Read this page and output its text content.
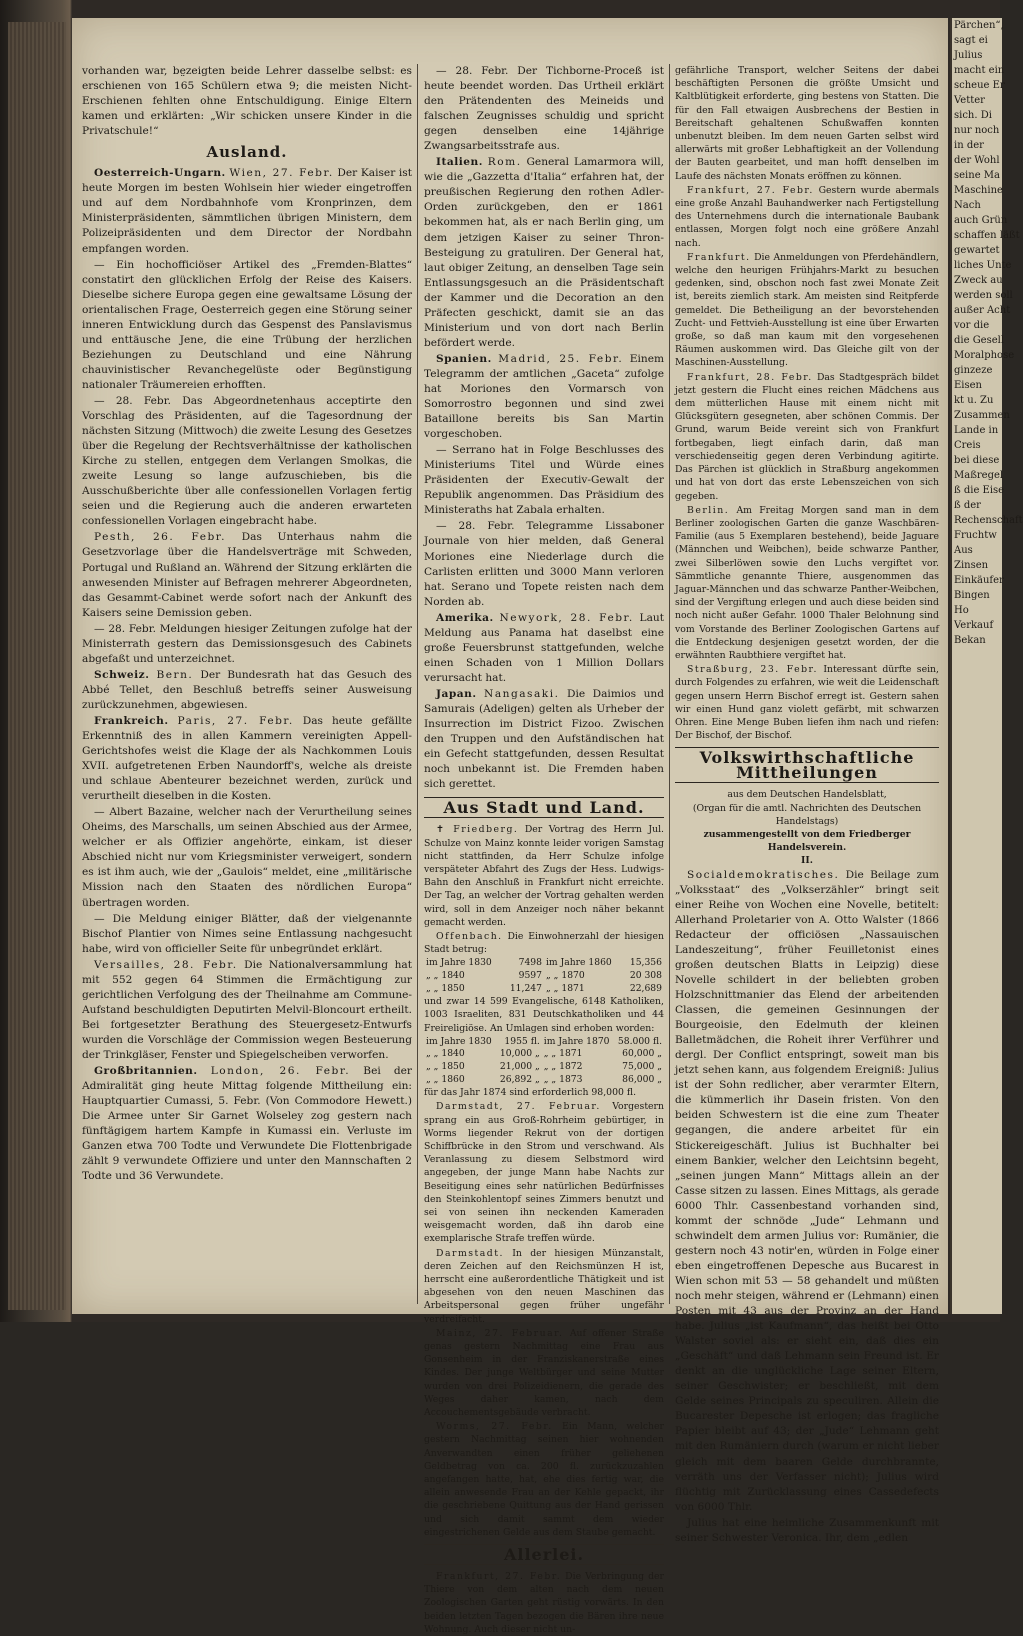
vorhanden war, be̤zeigten beide Lehrer dasselbe selbst: es erschienen von 165 Schülern etwa 9; die meisten Nicht-Erschienen fehlten ohne Entschuldigung. Einige Eltern kamen und erklärten: „Wir schicken unsere Kinder in die Privatschule!“

Ausland.

Oesterreich-Ungarn. Wien, 27. Febr. Der Kaiser ist heute Morgen im besten Wohlsein hier wieder eingetroffen und auf dem Nordbahnhofe vom Kronprinzen, dem Ministerpräsidenten, sämmtlichen übrigen Ministern, dem Polizeipräsidenten und dem Director der Nordbahn empfangen worden.

— Ein hochofficiöser Artikel des „Fremden-Blattes“ constatirt den glücklichen Erfolg der Reise des Kaisers. Dieselbe sichere Europa gegen eine gewaltsame Lösung der orientalischen Frage, Oesterreich gegen eine Störung seiner inneren Entwicklung durch das Gespenst des Panslavismus und enttäusche Jene, die eine Trübung der herzlichen Beziehungen zu Deutschland und eine Nährung chauvinistischer Revanchegelüste oder Begünstigung nationaler Träumereien erhofften.

— 28. Febr. Das Abgeordnetenhaus acceptirte den Vorschlag des Präsidenten, auf die Tagesordnung der nächsten Sitzung (Mittwoch) die zweite Lesung des Gesetzes über die Regelung der Rechtsverhältnisse der katholischen Kirche zu stellen, entgegen dem Verlangen Smolkas, die zweite Lesung so lange aufzuschieben, bis die Ausschußberichte über alle confessionellen Vorlagen fertig seien und die Regierung auch die anderen erwarteten confessionellen Vorlagen eingebracht habe.

Pesth, 26. Febr. Das Unterhaus nahm die Gesetzvorlage über die Handelsverträge mit Schweden, Portugal und Rußland an. Während der Sitzung erklärten die anwesenden Minister auf Befragen mehrerer Abgeordneten, das Gesammt-Cabinet werde sofort nach der Ankunft des Kaisers seine Demission geben.

— 28. Febr. Meldungen hiesiger Zeitungen zufolge hat der Ministerrath gestern das Demissionsgesuch des Cabinets abgefaßt und unterzeichnet.

Schweiz. Bern. Der Bundesrath hat das Gesuch des Abbé Tellet, den Beschluß betreffs seiner Ausweisung zurückzunehmen, abgewiesen.

Frankreich. Paris, 27. Febr. Das heute gefällte Erkenntniß des in allen Kammern vereinigten Appell-Gerichtshofes weist die Klage der als Nachkommen Louis XVII. aufgetretenen Erben Naundorff's, welche als dreiste und schlaue Abenteurer bezeichnet werden, zurück und verurtheilt dieselben in die Kosten.

— Albert Bazaine, welcher nach der Verurtheilung seines Oheims, des Marschalls, um seinen Abschied aus der Armee, welcher er als Offizier angehörte, einkam, ist dieser Abschied nicht nur vom Kriegsminister verweigert, sondern es ist ihm auch, wie der „Gaulois“ meldet, eine „militärische Mission nach den Staaten des nördlichen Europa“ übertragen worden.

— Die Meldung einiger Blätter, daß der vielgenannte Bischof Plantier von Nimes seine Entlassung nachgesucht habe, wird von officieller Seite für unbegründet erklärt.

Versailles, 28. Febr. Die Nationalversammlung hat mit 552 gegen 64 Stimmen die Ermächtigung zur gerichtlichen Verfolgung des der Theilnahme am Commune-Aufstand beschuldigten Deputirten Melvil-Bloncourt ertheilt. Bei fortgesetzter Berathung des Steuergesetz-Entwurfs wurden die Vorschläge der Commission wegen Besteuerung der Trinkgläser, Fenster und Spiegelscheiben verworfen.

Großbritannien. London, 26. Febr. Bei der Admiralität ging heute Mittag folgende Mittheilung ein: Hauptquartier Cumassi, 5. Febr. (Von Commodore Hewett.) Die Armee unter Sir Garnet Wolseley zog gestern nach fünftägigem hartem Kampfe in Kumassi ein. Verluste im Ganzen etwa 700 Todte und Verwundete Die Flottenbrigade zählt 9 verwundete Offiziere und unter den Mannschaften 2 Todte und 36 Verwundete.

— 28. Febr. Der Tichborne-Proceß ist heute beendet worden. Das Urtheil erklärt den Prätendenten des Meineids und falschen Zeugnisses schuldig und spricht gegen denselben eine 14jährige Zwangsarbeitsstrafe aus.

Italien. Rom. General Lamarmora will, wie die „Gazzetta d'Italia“ erfahren hat, der preußischen Regierung den rothen Adler-Orden zurückgeben, den er 1861 bekommen hat, als er nach Berlin ging, um dem jetzigen Kaiser zu seiner Thron-Besteigung zu gratuliren. Der General hat, laut obiger Zeitung, an denselben Tage sein Entlassungsgesuch an die Präsidentschaft der Kammer und die Decoration an den Präfecten geschickt, damit sie an das Ministerium und von dort nach Berlin befördert werde.

Spanien. Madrid, 25. Febr. Einem Telegramm der amtlichen „Gaceta“ zufolge hat Moriones den Vormarsch von Somorrostro begonnen und sind zwei Bataillone bereits bis San Martin vorgeschoben.

— Serrano hat in Folge Beschlusses des Ministeriums Titel und Würde eines Präsidenten der Executiv-Gewalt der Republik angenommen. Das Präsidium des Ministeraths hat Zabala erhalten.

— 28. Febr. Telegramme Lissaboner Journale von hier melden, daß General Moriones eine Niederlage durch die Carlisten erlitten und 3000 Mann verloren hat. Serano und Topete reisten nach dem Norden ab.

Amerika. Newyork, 28. Febr. Laut Meldung aus Panama hat daselbst eine große Feuersbrunst stattgefunden, welche einen Schaden von 1 Million Dollars verursacht hat.

Japan. Nangasaki. Die Daimios und Samurais (Adeligen) gelten als Urheber der Insurrection im District Fizoo. Zwischen den Truppen und den Aufständischen hat ein Gefecht stattgefunden, dessen Resultat noch unbekannt ist. Die Fremden haben sich gerettet.

Aus Stadt und Land.

✝ Friedberg. Der Vortrag des Herrn Jul. Schulze von Mainz konnte leider vorigen Samstag nicht stattfinden, da Herr Schulze infolge verspäteter Abfahrt des Zugs der Hess. Ludwigs-Bahn den Anschluß in Frankfurt nicht erreichte. Der Tag, an welcher der Vortrag gehalten werden wird, soll in dem Anzeiger noch näher bekannt gemacht werden.

Offenbach. Die Einwohnerzahl der hiesigen Stadt betrug:

im Jahre 1830	7498	im Jahre 1860	15,356
„ „ 1840	9597	„ „ 1870	20 308
„ „ 1850	11,247	„ „ 1871	22,689

und zwar 14 599 Evangelische, 6148 Katholiken, 1003 Israeliten, 831 Deutschkatholiken und 44 Freireligiöse. An Umlagen sind erhoben worden:

im Jahre 1830	1955 fl.	im Jahre 1870	58.000 fl.
„ „ 1840	10,000 „	„ „ 1871	60,000 „
„ „ 1850	21,000 „	„ „ 1872	75,000 „
„ „ 1860	26,892 „	„ „ 1873	86,000 „

für das Jahr 1874 sind erforderlich 98,000 fl.

Darmstadt, 27. Februar. Vorgestern sprang ein aus Groß-Rohrheim gebürtiger, in Worms liegender Rekrut von der dortigen Schiffbrücke in den Strom und verschwand. Als Veranlassung zu diesem Selbstmord wird angegeben, der junge Mann habe Nachts zur Beseitigung eines sehr natürlichen Bedürfnisses den Steinkohlentopf seines Zimmers benutzt und sei von seinen ihn neckenden Kameraden weisgemacht worden, daß ihn darob eine exemplarische Strafe treffen würde.

Darmstadt. In der hiesigen Münzanstalt, deren Zeichen auf den Reichsmünzen H ist, herrscht eine außerordentliche Thätigkeit und ist abgesehen von den neuen Maschinen das Arbeitspersonal gegen früher ungefähr verdreifacht.

Mainz, 27. Februar. Auf offener Straße genas gestern Nachmittag eine Frau aus Gonsenheim in der Franziskanerstraße eines Kindes. Der junge Weltbürger und seine Mutter wurden von drei Polizeidienern, die gerade des Weges daher kamen, nach dem Accouchementsgebäude verbracht.

Worms, 27. Febr. Ein Mann, welcher gestern Nachmittag seinen hier wohnenden Anverwandten einen früher geliehenen Geldbetrag von ca. 200 fl. zurückzuzahlen angefangen hatte, hat, ehe dies fertig war, die allein anwesende Frau an der Kehle gepackt, ihr die geschriebene Quittung aus der Hand gerissen und sich damit sammt dem wieder eingestrichenen Gelde aus dem Staube gemacht.

Allerlei.

Frankfurt, 27. Febr. Die Verbringung der Thiere von dem alten nach dem neuen Zoologischen Garten geht rüstig vorwärts. In den beiden letzten Tagen bezogen die Bären ihre neue Wohnung. Auch dieser nicht un-

gefährliche Transport, welcher Seitens der dabei beschäftigten Personen die größte Umsicht und Kaltblütigkeit erforderte, ging bestens von Statten. Die für den Fall etwaigen Ausbrechens der Bestien in Bereitschaft gehaltenen Schußwaffen konnten unbenutzt bleiben. Im dem neuen Garten selbst wird allerwärts mit großer Lebhaftigkeit an der Vollendung der Bauten gearbeitet, und man hofft denselben im Laufe des nächsten Monats eröffnen zu können.

Frankfurt, 27. Febr. Gestern wurde abermals eine große Anzahl Bauhandwerker nach Fertigstellung des Unternehmens durch die internationale Baubank entlassen, Morgen folgt noch eine größere Anzahl nach.

Frankfurt. Die Anmeldungen von Pferdehändlern, welche den heurigen Frühjahrs-Markt zu besuchen gedenken, sind, obschon noch fast zwei Monate Zeit ist, bereits ziemlich stark. Am meisten sind Reitpferde gemeldet. Die Betheiligung an der bevorstehenden Zucht- und Fettvieh-Ausstellung ist eine über Erwarten große, so daß man kaum mit den vorgesehenen Räumen auskommen wird. Das Gleiche gilt von der Maschinen-Ausstellung.

Frankfurt, 28. Febr. Das Stadtgespräch bildet jetzt gestern die Flucht eines reichen Mädchens aus dem mütterlichen Hause mit einem nicht mit Glücksgütern gesegneten, aber schönen Commis. Der Grund, warum Beide vereint sich von Frankfurt fortbegaben, liegt einfach darin, daß man verschiedenseitig gegen deren Verbindung agitirte. Das Pärchen ist glücklich in Straßburg angekommen und hat von dort das erste Lebenszeichen von sich gegeben.

Berlin. Am Freitag Morgen sand man in dem Berliner zoologischen Garten die ganze Waschbären-Familie (aus 5 Exemplaren bestehend), beide Jaguare (Männchen und Weibchen), beide schwarze Panther, zwei Silberlöwen sowie den Luchs vergiftet vor. Sämmtliche genannte Thiere, ausgenommen das Jaguar-Männchen und das schwarze Panther-Weibchen, sind der Vergiftung erlegen und auch diese beiden sind noch nicht außer Gefahr. 1000 Thaler Belohnung sind vom Vorstande des Berliner Zoologischen Gartens auf die Entdeckung desjenigen gesetzt worden, der die erwähnten Raubthiere vergiftet hat.

Straßburg, 23. Febr. Interessant dürfte sein, durch Folgendes zu erfahren, wie weit die Leidenschaft gegen unsern Herrn Bischof erregt ist. Gestern sahen wir einen Hund ganz violett gefärbt, mit schwarzen Ohren. Eine Menge Buben liefen ihm nach und riefen: Der Bischof, der Bischof.

Volkswirthschaftliche Mittheilungen
aus dem Deutschen Handelsblatt,
(Organ für die amtl. Nachrichten des Deutschen Handelstags)
zusammengestellt von dem Friedberger Handelsverein.
II.

Socialdemokratisches. Die Beilage zum „Volksstaat“ des „Volkserzähler“ bringt seit einer Reihe von Wochen eine Novelle, betitelt: Allerhand Proletarier von A. Otto Walster (1866 Redacteur der officiösen „Nassauischen Landeszeitung“, früher Feuilletonist eines großen deutschen Blatts in Leipzig) diese Novelle schildert in der beliebten groben Holzschnittmanier das Elend der arbeitenden Classen, die gemeinen Gesinnungen der Bourgeoisie, den Edelmuth der kleinen Balletmädchen, die Roheit ihrer Verführer und dergl. Der Conflict entspringt, soweit man bis jetzt sehen kann, aus folgendem Ereigniß: Julius ist der Sohn redlicher, aber verarmter Eltern, die kümmerlich ihr Dasein fristen. Von den beiden Schwestern ist die eine zum Theater gegangen, die andere arbeitet für ein Stickereigeschäft. Julius ist Buchhalter bei einem Bankier, welcher den Leichtsinn begeht, „seinen jungen Mann“ Mittags allein an der Casse sitzen zu lassen. Eines Mittags, als gerade 6000 Thlr. Cassenbestand vorhanden sind, kommt der schnöde „Jude“ Lehmann und schwindelt dem armen Julius vor: Rumänier, die gestern noch 43 notir'en, würden in Folge einer eben eingetroffenen Depesche aus Bucarest in Wien schon mit 53 — 58 gehandelt und müßten noch mehr steigen, während er (Lehmann) einen Posten mit 43 aus der Provinz an der Hand habe. Julius „ist Kaufmann“, das heißt bei Otto Walster soviel als: er sieht ein, daß dies ein „Geschäft“ und daß Lehmann sein Freund ist. Er denkt an die unglückliche Lage seiner Eltern, seiner Geschwister; er beschließt, mit dem Gelde seines Principals zu speculiren. Allein die Bucarester Depesche ist erlogen; das fragliche Papier bleibt auf 43; der „Jude“ Lehmann geht mit den Rumäniern durch (warum er nicht lieber gleich mit dem baaren Gelde durchbrannte, verräth uns der Verfasser nicht); Julius wird flüchtig mit Zurücklassung eines Cassedefects von 6000 Thlr.

Julius hat eine heimliche Zusammenkunft mit seiner Schwester Veronica. Ihr, dem „edlen

Pärchen“,
sagt ei
Julius
macht ein
scheue Er
Vetter
sich. Di
nur noch
in der
der Wohl
seine Ma
Maschine
Nach
auch Grün
schaffen läßt
gewartet
liches Unte
Zweck au
werden soll
außer Acht
vor die
die Gesell
Moralphose
ginzeze
Eisen
kt u. Zu
Zusammen
Lande in
Creis
bei diese
Maßregel
ß die Eise
ß der
Rechenschaft
Fruchtw
Aus
Zinsen
Einkäufer
Bingen
Ho
Verkauf
Bekan
